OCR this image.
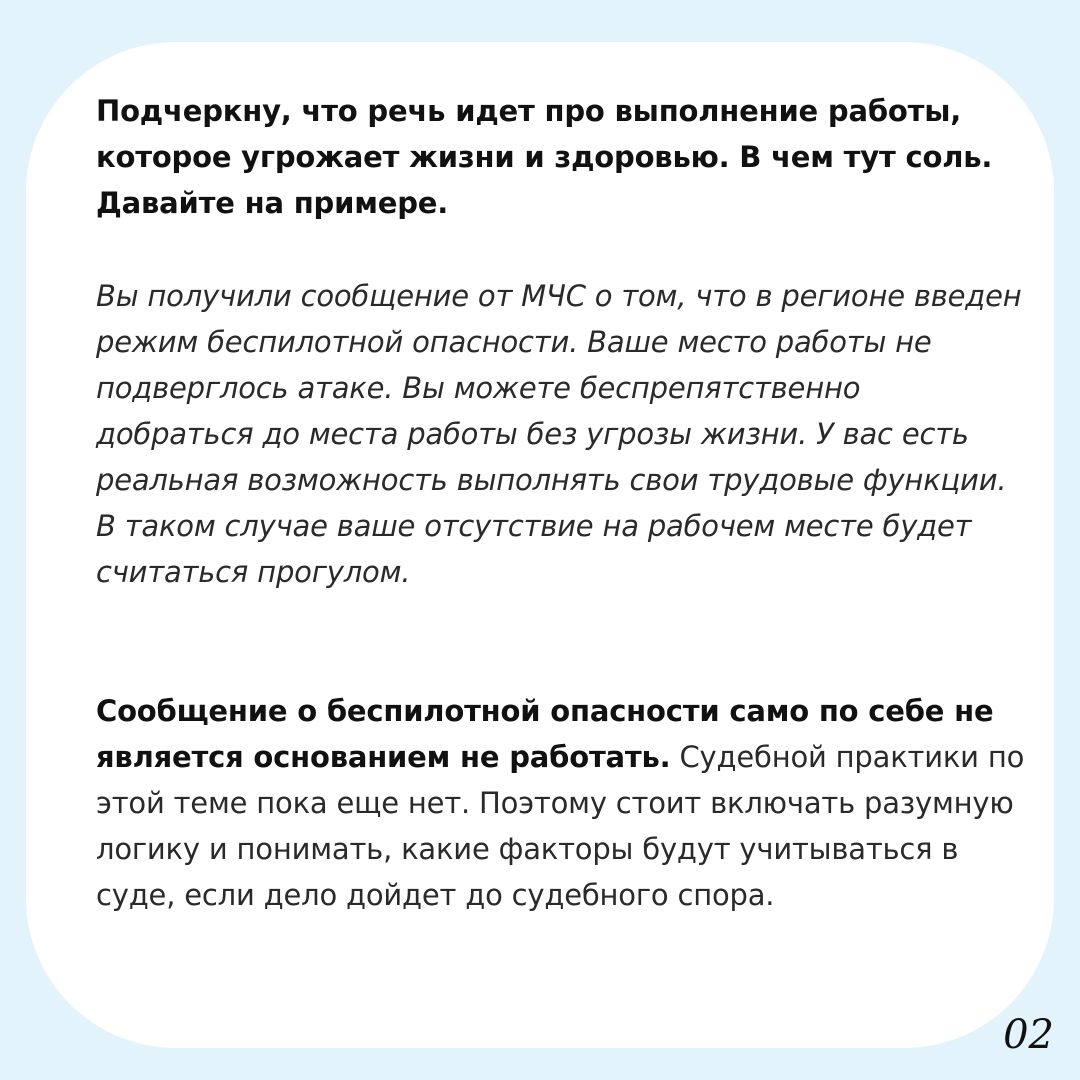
Подчеркну, что речь идет про выполнение работы, которое угрожает жизни и здоровью. В чем тут соль. Давайте на примере.

Вы получили сообщение от МЧС о том, что в регионе введен режим беспилотной опасности. Ваше место работы не подверглось атаке. Вы можете беспрепятственно добраться до места работы без угрозы жизни. У вас есть реальная возможность выполнять свои трудовые функции. В таком случае ваше отсутствие на рабочем месте будет считаться прогулом.

Сообщение о беспилотной опасности само по себе не является основанием не работать. Судебной практики по этой теме пока еще нет. Поэтому стоит включать разумную логику и понимать, какие факторы будут учитываться в суде, если дело дойдет до судебного спора.

02
